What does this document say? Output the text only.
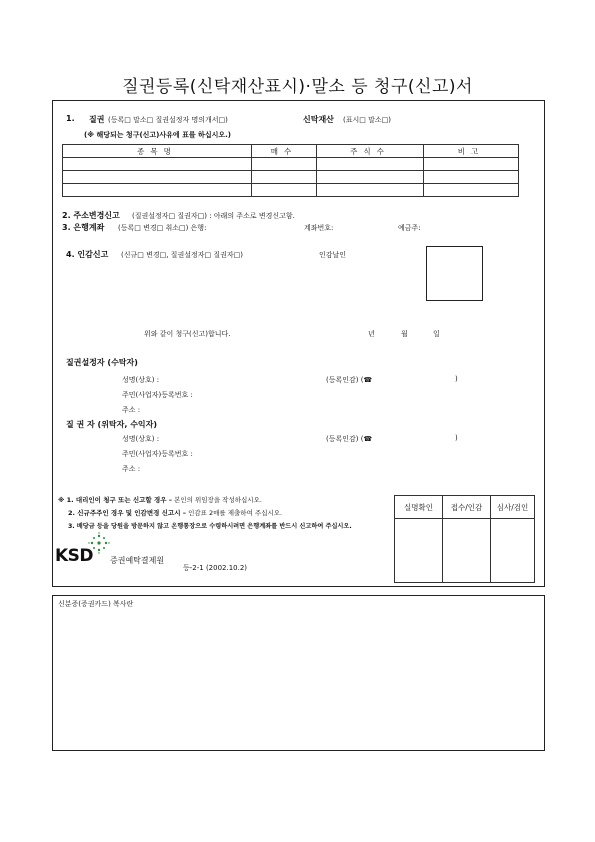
질권등록(신탁재산표시)·말소 등 청구(신고)서
1. 질권 (등록□ 말소□ 질권설정자 명의개서□)	신탁재산 (표시□ 말소□)
(※ 해당되는 청구(신고)사유에 표를 하십시오.)
종목명	매수	주식수	비고

2. 주소변경신고 (질권설정자□ 질권자□) : 아래의 주소로 변경신고함.
3. 은행계좌 (등록□ 변경□ 취소□) 은행:	계좌번호:	예금주:
4. 인감신고 (신규□ 변경□, 질권설정자□ 질권자□)	인감날인
위와 같이 청구(신고)합니다.	년	월	일
질권설정자 (수탁자)
성명(상호) :	(등록인감) (☎	)
주민(사업자)등록번호 :
주소 :
질 권 자 (위탁자, 수익자)
성명(상호) :	(등록인감) (☎	)
주민(사업자)등록번호 :
주소 :
※ 1. 대리인이 청구 또는 신고할 경우 – 본인의 위임장을 작성하십시오.
2. 신규주주인 경우 및 인감변경 신고시 – 인감표 2매를 제출하여 주십시오.
3. 배당금 등을 당원을 방문하지 않고 온행통장으로 수령하시려면 은행계좌를 반드시 신고하여 주십시오.
실명확인	접수/인감	심사/검인

KSD 증권예탁결제원
등-2-1 (2002.10.2)
신분증(증권카드) 복사란
